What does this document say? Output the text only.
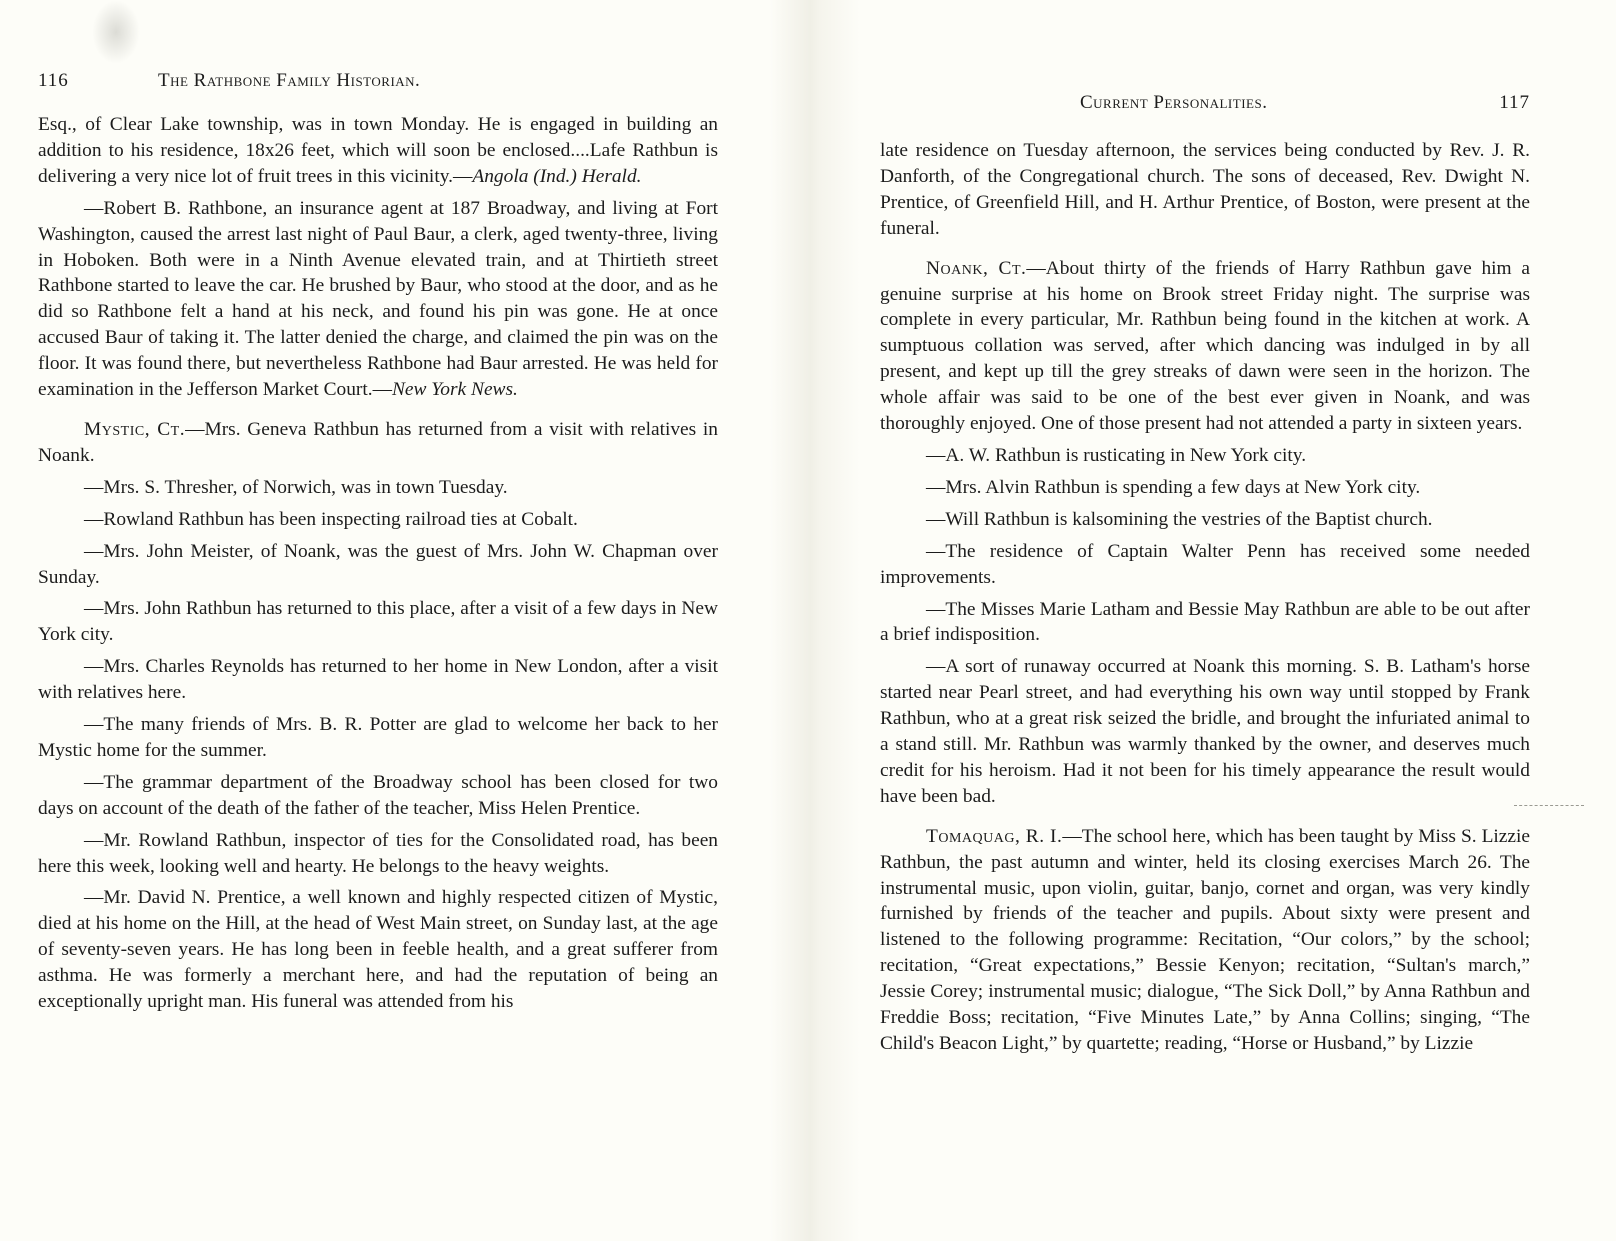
116	The Rathbone Family Historian.

Esq., of Clear Lake township, was in town Monday. He is engaged in building an addition to his residence, 18x26 feet, which will soon be enclosed....Lafe Rathbun is delivering a very nice lot of fruit trees in this vicinity.—Angola (Ind.) Herald.

—Robert B. Rathbone, an insurance agent at 187 Broadway, and living at Fort Washington, caused the arrest last night of Paul Baur, a clerk, aged twenty-three, living in Hoboken. Both were in a Ninth Avenue elevated train, and at Thirtieth street Rathbone started to leave the car. He brushed by Baur, who stood at the door, and as he did so Rathbone felt a hand at his neck, and found his pin was gone. He at once accused Baur of taking it. The latter denied the charge, and claimed the pin was on the floor. It was found there, but nevertheless Rathbone had Baur arrested. He was held for examination in the Jefferson Market Court.—New York News.

Mystic, Ct.—Mrs. Geneva Rathbun has returned from a visit with relatives in Noank.

—Mrs. S. Thresher, of Norwich, was in town Tuesday.

—Rowland Rathbun has been inspecting railroad ties at Cobalt.

—Mrs. John Meister, of Noank, was the guest of Mrs. John W. Chapman over Sunday.

—Mrs. John Rathbun has returned to this place, after a visit of a few days in New York city.

—Mrs. Charles Reynolds has returned to her home in New London, after a visit with relatives here.

—The many friends of Mrs. B. R. Potter are glad to welcome her back to her Mystic home for the summer.

—The grammar department of the Broadway school has been closed for two days on account of the death of the father of the teacher, Miss Helen Prentice.

—Mr. Rowland Rathbun, inspector of ties for the Consolidated road, has been here this week, looking well and hearty. He belongs to the heavy weights.

—Mr. David N. Prentice, a well known and highly respected citizen of Mystic, died at his home on the Hill, at the head of West Main street, on Sunday last, at the age of seventy-seven years. He has long been in feeble health, and a great sufferer from asthma. He was formerly a merchant here, and had the reputation of being an exceptionally upright man. His funeral was attended from his

Current Personalities.	117

late residence on Tuesday afternoon, the services being conducted by Rev. J. R. Danforth, of the Congregational church. The sons of deceased, Rev. Dwight N. Prentice, of Greenfield Hill, and H. Arthur Prentice, of Boston, were present at the funeral.

Noank, Ct.—About thirty of the friends of Harry Rathbun gave him a genuine surprise at his home on Brook street Friday night. The surprise was complete in every particular, Mr. Rathbun being found in the kitchen at work. A sumptuous collation was served, after which dancing was indulged in by all present, and kept up till the grey streaks of dawn were seen in the horizon. The whole affair was said to be one of the best ever given in Noank, and was thoroughly enjoyed. One of those present had not attended a party in sixteen years.

—A. W. Rathbun is rusticating in New York city.

—Mrs. Alvin Rathbun is spending a few days at New York city.

—Will Rathbun is kalsomining the vestries of the Baptist church.

—The residence of Captain Walter Penn has received some needed improvements.

—The Misses Marie Latham and Bessie May Rathbun are able to be out after a brief indisposition.

—A sort of runaway occurred at Noank this morning. S. B. Latham's horse started near Pearl street, and had everything his own way until stopped by Frank Rathbun, who at a great risk seized the bridle, and brought the infuriated animal to a stand still. Mr. Rathbun was warmly thanked by the owner, and deserves much credit for his heroism. Had it not been for his timely appearance the result would have been bad.

Tomaquag, R. I.—The school here, which has been taught by Miss S. Lizzie Rathbun, the past autumn and winter, held its closing exercises March 26. The instrumental music, upon violin, guitar, banjo, cornet and organ, was very kindly furnished by friends of the teacher and pupils. About sixty were present and listened to the following programme: Recitation, “Our colors,” by the school; recitation, “Great expectations,” Bessie Kenyon; recitation, “Sultan's march,” Jessie Corey; instrumental music; dialogue, “The Sick Doll,” by Anna Rathbun and Freddie Boss; recitation, “Five Minutes Late,” by Anna Collins; singing, “The Child's Beacon Light,” by quartette; reading, “Horse or Husband,” by Lizzie
